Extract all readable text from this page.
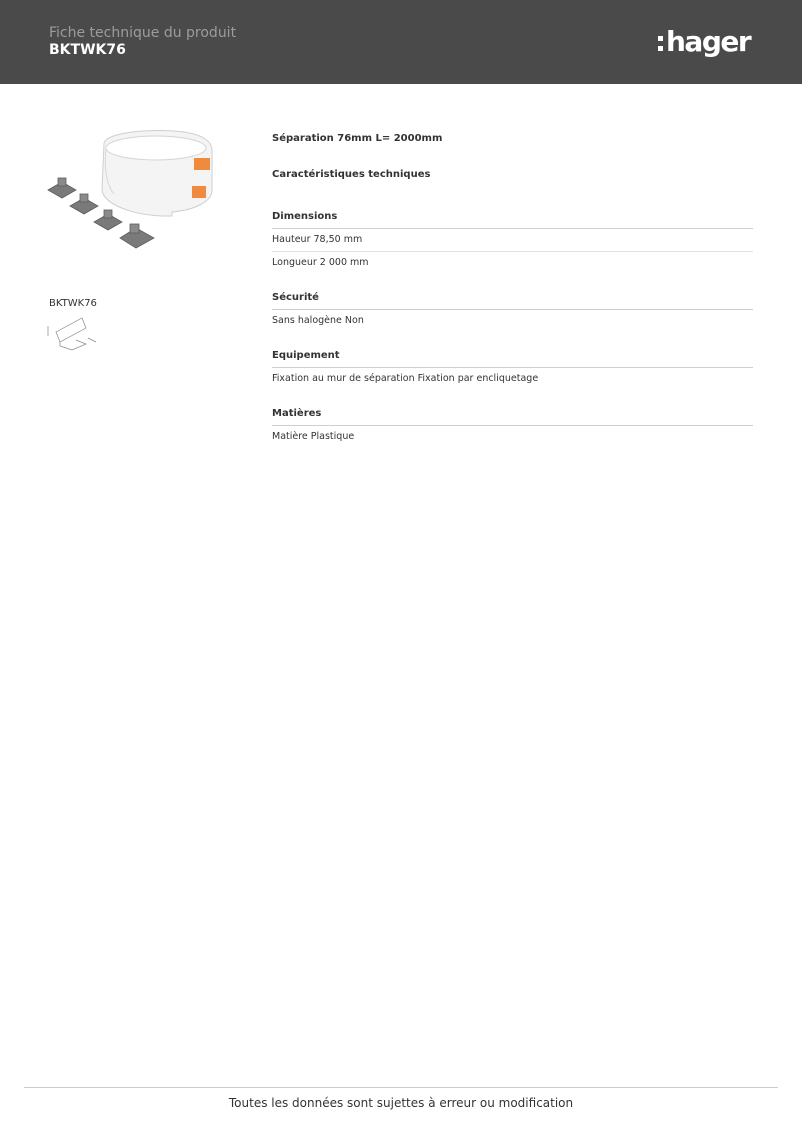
Fiche technique du produit
BKTWK76	hager
BKTWK76
Séparation 76mm L= 2000mm
Caractéristiques techniques
Dimensions
Hauteur 78,50 mm
Longueur 2 000 mm
Sécurité
Sans halogène Non
Equipement
Fixation au mur de séparation Fixation par encliquetage
Matières
Matière Plastique
Toutes les données sont sujettes à erreur ou modification
